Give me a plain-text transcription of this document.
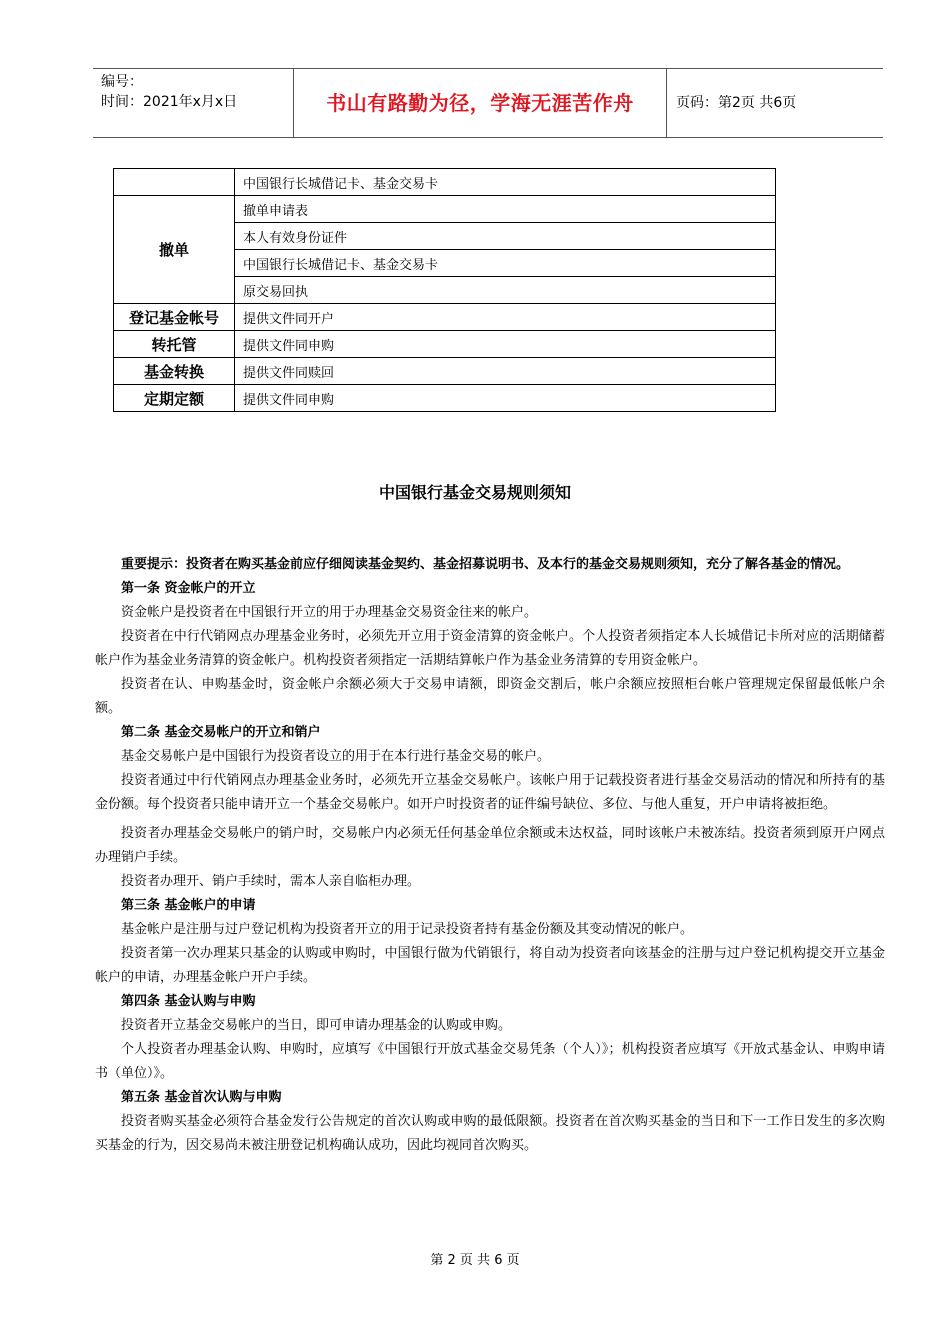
编号：
时间：2021年x月x日	书山有路勤为径，学海无涯苦作舟	页码：第2页 共6页
	中国银行长城借记卡、基金交易卡
撤单	撤单申请表
	本人有效身份证件
	中国银行长城借记卡、基金交易卡
	原交易回执
登记基金帐号	提供文件同开户
转托管	提供文件同申购
基金转换	提供文件同赎回
定期定额	提供文件同申购
中国银行基金交易规则须知

重要提示：投资者在购买基金前应仔细阅读基金契约、基金招募说明书、及本行的基金交易规则须知，充分了解各基金的情况。

第一条 资金帐户的开立

资金帐户是投资者在中国银行开立的用于办理基金交易资金往来的帐户。

投资者在中行代销网点办理基金业务时，必须先开立用于资金清算的资金帐户。个人投资者须指定本人长城借记卡所对应的活期储蓄帐户作为基金业务清算的资金帐户。机构投资者须指定一活期结算帐户作为基金业务清算的专用资金帐户。

投资者在认、申购基金时，资金帐户余额必须大于交易申请额，即资金交割后，帐户余额应按照柜台帐户管理规定保留最低帐户余额。

第二条 基金交易帐户的开立和销户

基金交易帐户是中国银行为投资者设立的用于在本行进行基金交易的帐户。

投资者通过中行代销网点办理基金业务时，必须先开立基金交易帐户。该帐户用于记载投资者进行基金交易活动的情况和所持有的基金份额。每个投资者只能申请开立一个基金交易帐户。如开户时投资者的证件编号缺位、多位、与他人重复，开户申请将被拒绝。

投资者办理基金交易帐户的销户时，交易帐户内必须无任何基金单位余额或未达权益，同时该帐户未被冻结。投资者须到原开户网点办理销户手续。

投资者办理开、销户手续时，需本人亲自临柜办理。

第三条 基金帐户的申请

基金帐户是注册与过户登记机构为投资者开立的用于记录投资者持有基金份额及其变动情况的帐户。

投资者第一次办理某只基金的认购或申购时，中国银行做为代销银行，将自动为投资者向该基金的注册与过户登记机构提交开立基金帐户的申请，办理基金帐户开户手续。

第四条 基金认购与申购

投资者开立基金交易帐户的当日，即可申请办理基金的认购或申购。

个人投资者办理基金认购、申购时，应填写《中国银行开放式基金交易凭条（个人）》；机构投资者应填写《开放式基金认、申购申请书（单位）》。

第五条 基金首次认购与申购

投资者购买基金必须符合基金发行公告规定的首次认购或申购的最低限额。投资者在首次购买基金的当日和下一工作日发生的多次购买基金的行为，因交易尚未被注册登记机构确认成功，因此均视同首次购买。

第 2 页 共 6 页
